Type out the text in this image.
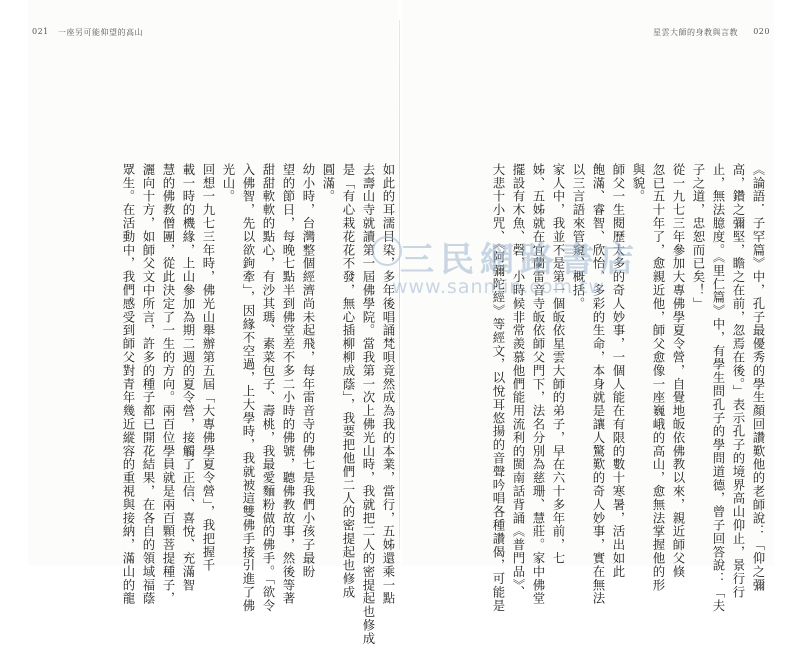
021 一座另可能仰望的高山

如此的耳濡目染，多年後唱誦梵唄竟然成為我的本業，當行，五姊還乘一點
去壽山寺就讀第一屆佛學院。當我第一次上佛光山時，我就把二人的密提起也修成
是「有心栽花花不發，無心插柳柳成蔭」，我要把他們二人的密提起也修成
圓滿。

幼小時，台灣整個經濟尚未起飛，每年雷音寺的佛七是我們小孩子最盼
望的節日，每晚七點半到佛堂差不多二小時的佛號，聽佛教故事，然後等著
甜甜軟軟的點心，有沙其瑪、素菜包子、壽桃，我最愛麵粉做的佛手。「欲令
入佛智，先以欲鉤牽」，因緣不空過，上大學時，我就被這雙佛手接引進了佛
光山。

回想一九七三年時，佛光山舉辦第五屆「大專佛學夏令營」，我把握千
載一時的機緣，上山參加為期二週的夏令營，接觸了正信、喜悅、充滿智
慧的佛教僧團，從此決定了一生的方向。兩百位學員就是兩百顆菩提種子，
灑向十方，如師父文中所言，許多的種子都已開花結果，在各自的領域福蔭
眾生。在活動中，我們感受到師父對青年幾近縱容的重視與接納，滿山的龍

星雲大師的身教與言教 020

《論語．子罕篇》中，孔子最優秀的學生顏回讚歎他的老師說：「仰之彌
高，鑽之彌堅，瞻之在前，忽焉在後。」表示孔子的境界高山仰止，景行行
止，無法臆度。《里仁篇》中，有學生問孔子的學問道德，曾子回答說：「夫
子之道，忠恕而已矣！」

從一九七三年參加大專佛學夏令營，自覺地皈依佛教以來，親近師父倏
忽已五十年了，愈親近他，師父愈像一座巍峨的高山，愈無法掌握他的形
與貌。

師父一生閱歷太多的奇人妙事，一個人能在有限的數十寒暑，活出如此
飽滿、睿智、欣怡、多彩的生命，本身就是讓人驚歎的奇人妙事，實在無法
以三言語來管窺、概括。

家人中，我並不是第一個皈依星雲大師的弟子，早在六十多年前，七
姊、五姊就在宜蘭雷音寺皈依師父門下，法名分別為慈珊、慧莊。家中佛堂
擺設有木魚、磬，小時候非常羨慕他們能用流利的閩南話背誦《普門品》、
大悲十小咒、《阿彌陀經》等經文，以悅耳悠揚的音聲吟唱各種讚偈，可能是

三民網路書店
www.sanmin.com.tw
